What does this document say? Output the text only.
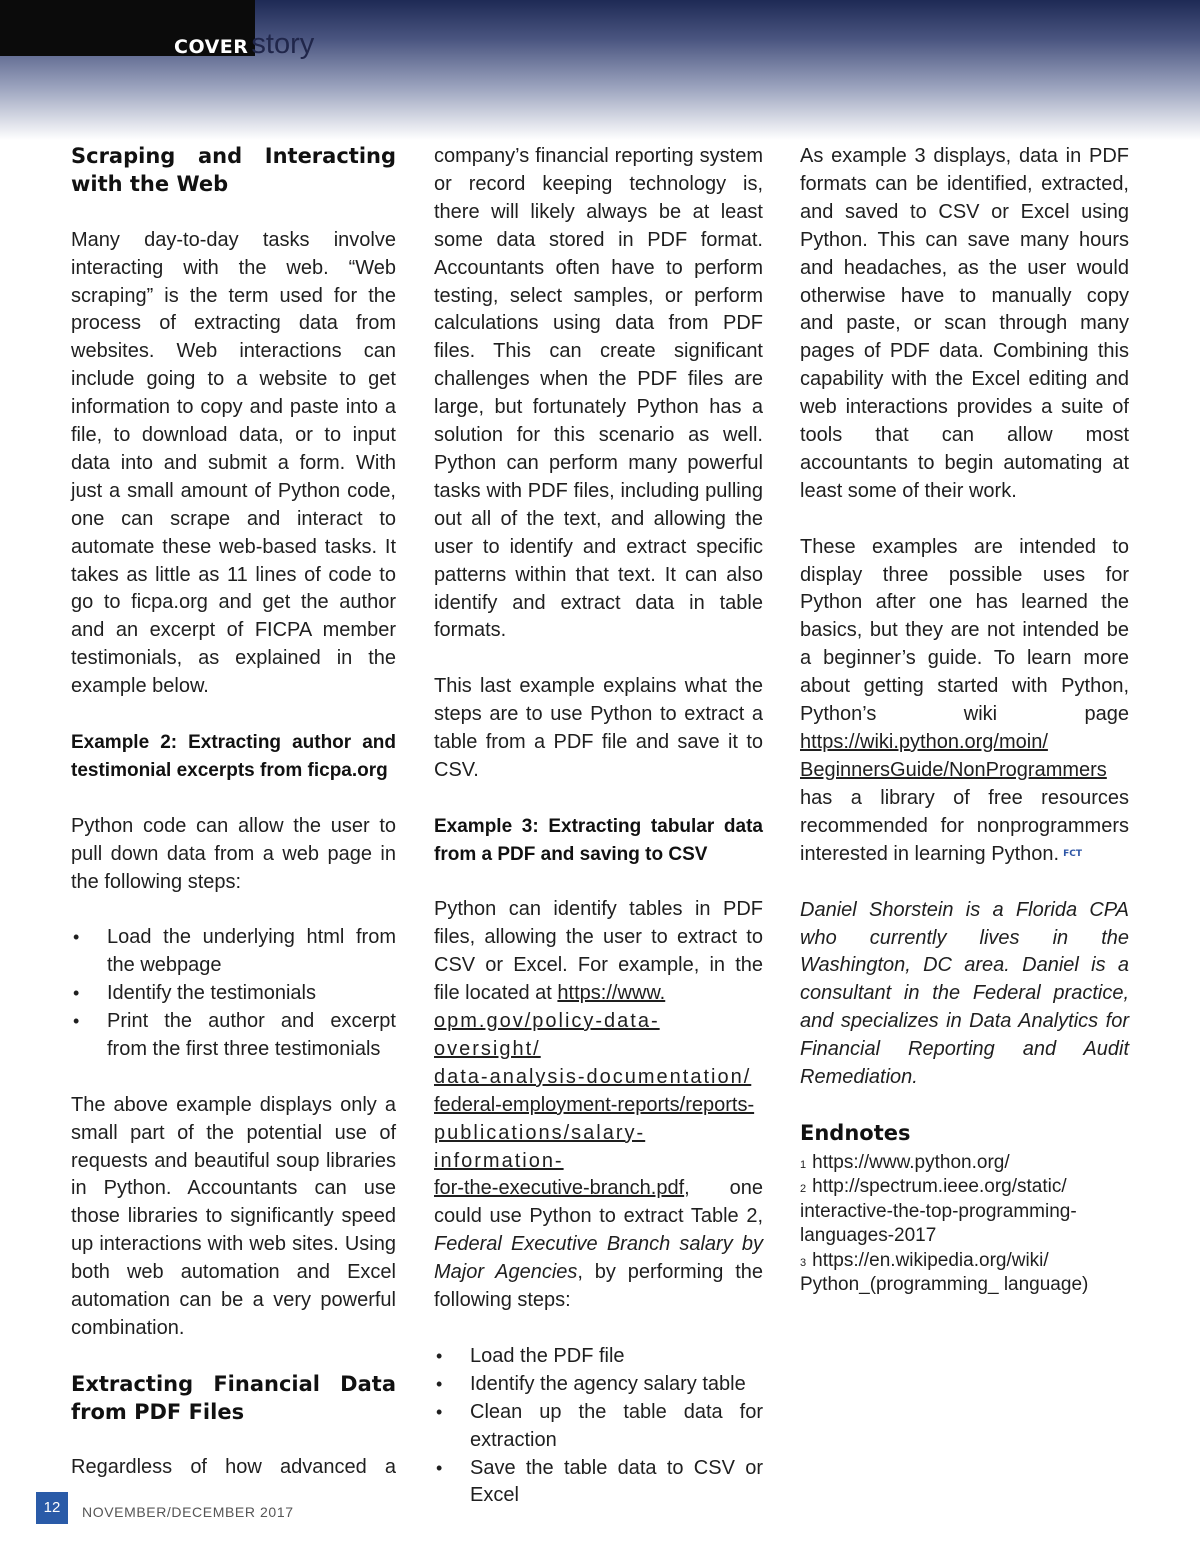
COVER story
Scraping and Interacting with the Web

Many day-to-day tasks involve interacting with the web. “Web scraping” is the term used for the process of extracting data from websites. Web interactions can include going to a website to get information to copy and paste into a file, to download data, or to input data into and submit a form. With just a small amount of Python code, one can scrape and interact to automate these web-based tasks. It takes as little as 11 lines of code to go to ficpa.org and get the author and an excerpt of FICPA member testimonials, as explained in the example below.

Example 2: Extracting author and testimonial excerpts from ficpa.org

Python code can allow the user to pull down data from a web page in the following steps:

• Load the underlying html from the webpage
• Identify the testimonials
• Print the author and excerpt from the first three testimonials

The above example displays only a small part of the potential use of requests and beautiful soup libraries in Python. Accountants can use those libraries to significantly speed up interactions with web sites. Using both web automation and Excel automation can be a very powerful combination.

Extracting Financial Data from PDF Files

Regardless of how advanced a

company’s financial reporting system or record keeping technology is, there will likely always be at least some data stored in PDF format. Accountants often have to perform testing, select samples, or perform calculations using data from PDF files. This can create significant challenges when the PDF files are large, but fortunately Python has a solution for this scenario as well. Python can perform many powerful tasks with PDF files, including pulling out all of the text, and allowing the user to identify and extract specific patterns within that text. It can also identify and extract data in table formats.

This last example explains what the steps are to use Python to extract a table from a PDF file and save it to CSV.

Example 3: Extracting tabular data from a PDF and saving to CSV

Python can identify tables in PDF files, allowing the user to extract to CSV or Excel. For example, in the file located at https://www.
opm.gov/policy-data-oversight/
data-analysis-documentation/
federal-employment-reports/reports-
publications/salary-information-
for-the-executive-branch.pdf, one could use Python to extract Table 2, Federal Executive Branch salary by Major Agencies, by performing the following steps:

• Load the PDF file
• Identify the agency salary table
• Clean up the table data for extraction
• Save the table data to CSV or Excel

As example 3 displays, data in PDF formats can be identified, extracted, and saved to CSV or Excel using Python. This can save many hours and headaches, as the user would otherwise have to manually copy and paste, or scan through many pages of PDF data. Combining this capability with the Excel editing and web interactions provides a suite of tools that can allow most accountants to begin automating at least some of their work.

These examples are intended to display three possible uses for Python after one has learned the basics, but they are not intended be a beginner’s guide. To learn more about getting started with Python, Python’s wiki page https://wiki.python.org/moin/
BeginnersGuide/NonProgrammers has a library of free resources recommended for nonprogrammers interested in learning Python. FCT

Daniel Shorstein is a Florida CPA who currently lives in the Washington, DC area. Daniel is a consultant in the Federal practice, and specializes in Data Analytics for Financial Reporting and Audit Remediation.

Endnotes

$^1$ https://www.python.org/

$^2$ http://spectrum.ieee.org/static/ interactive-the-top-programming-languages-2017

$^3$ https://en.wikipedia.org/wiki/ Python_(programming_ language)

12	NOVEMBER/DECEMBER 2017
